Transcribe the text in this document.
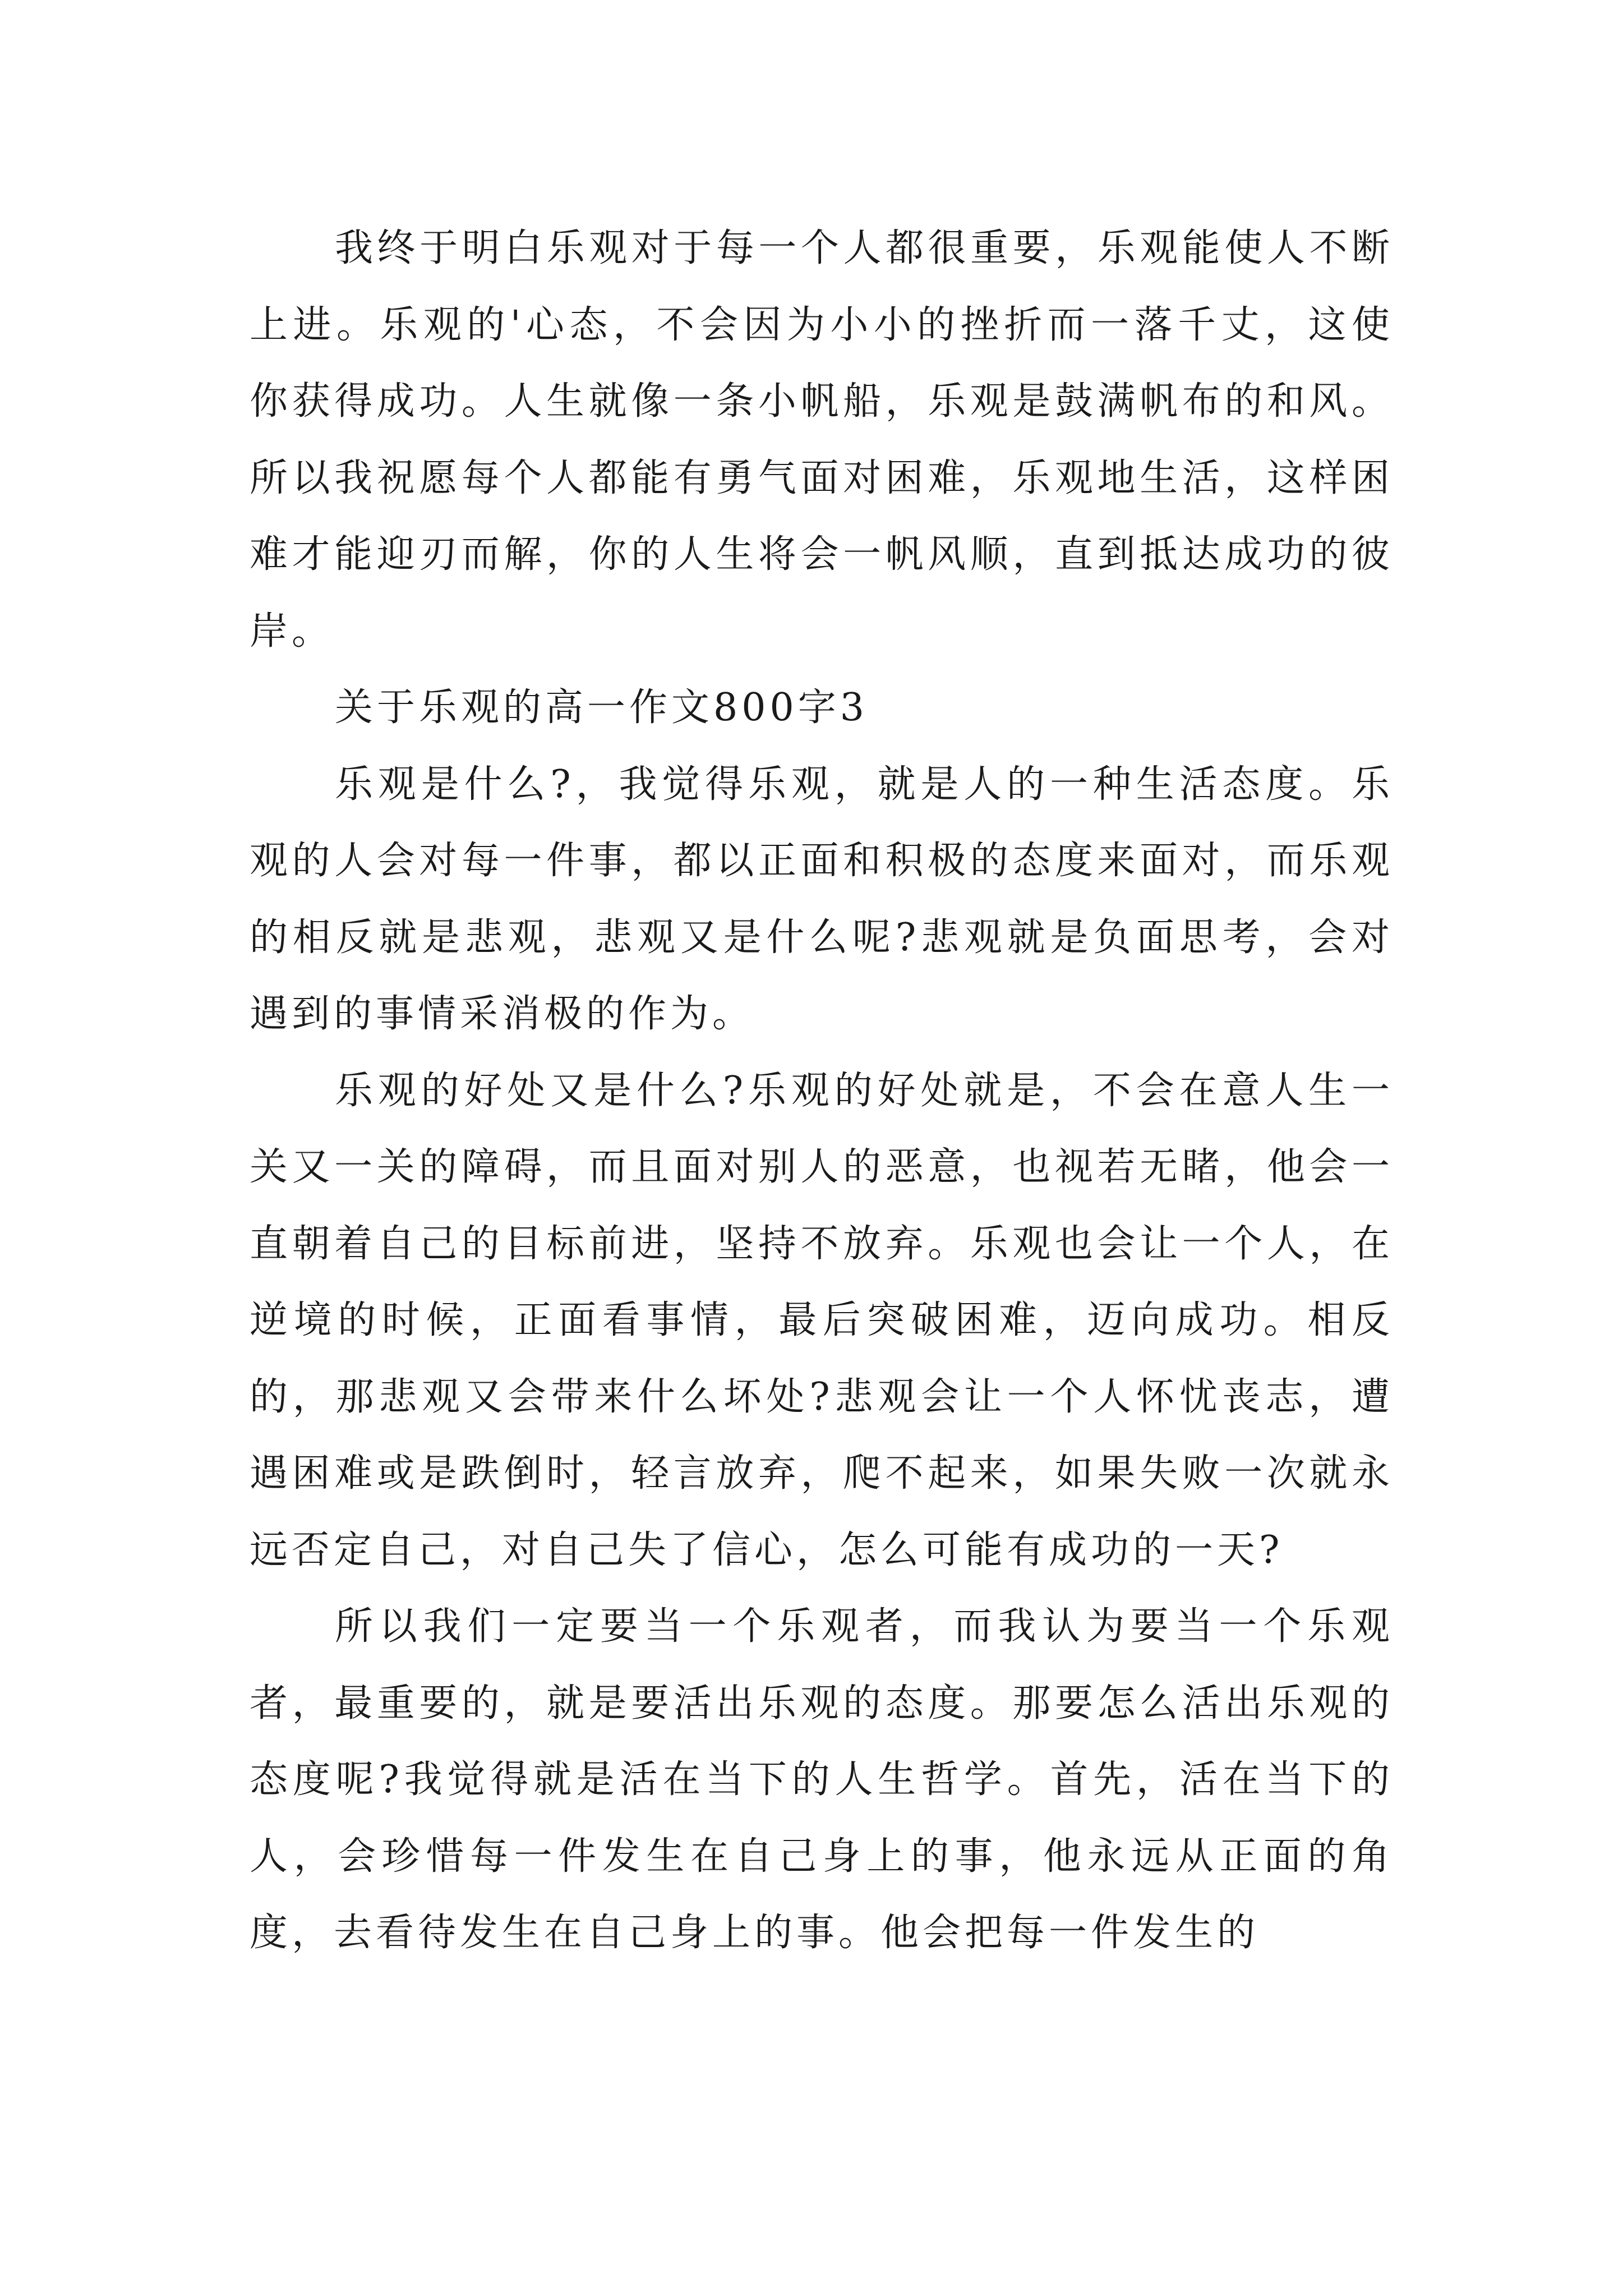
我终于明白乐观对于每一个人都很重要，乐观能使人不断上进。乐观的'心态，不会因为小小的挫折而一落千丈，这使你获得成功。人生就像一条小帆船，乐观是鼓满帆布的和风。所以我祝愿每个人都能有勇气面对困难，乐观地生活，这样困难才能迎刃而解，你的人生将会一帆风顺，直到抵达成功的彼岸。

关于乐观的高一作文800字3

乐观是什么?，我觉得乐观，就是人的一种生活态度。乐观的人会对每一件事，都以正面和积极的态度来面对，而乐观的相反就是悲观，悲观又是什么呢?悲观就是负面思考，会对遇到的事情采消极的作为。

乐观的好处又是什么?乐观的好处就是，不会在意人生一关又一关的障碍，而且面对别人的恶意，也视若无睹，他会一直朝着自己的目标前进，坚持不放弃。乐观也会让一个人，在逆境的时候，正面看事情，最后突破困难，迈向成功。相反的，那悲观又会带来什么坏处?悲观会让一个人怀忧丧志，遭遇困难或是跌倒时，轻言放弃，爬不起来，如果失败一次就永远否定自己，对自己失了信心，怎么可能有成功的一天?

所以我们一定要当一个乐观者，而我认为要当一个乐观者，最重要的，就是要活出乐观的态度。那要怎么活出乐观的态度呢?我觉得就是活在当下的人生哲学。首先，活在当下的人，会珍惜每一件发生在自己身上的事，他永远从正面的角度，去看待发生在自己身上的事。他会把每一件发生的
